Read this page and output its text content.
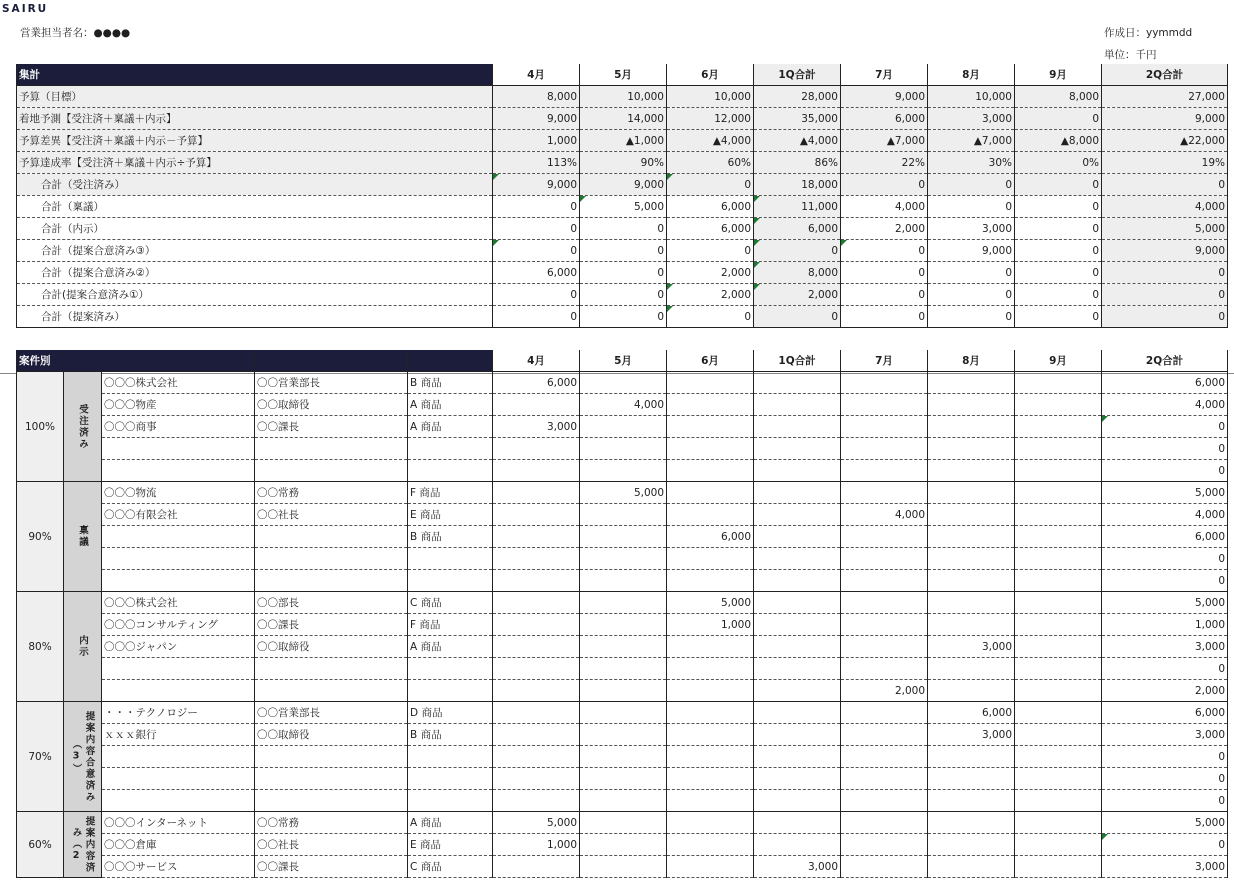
SAIRU
営業担当者名：●●●●	作成日：yymmdd
単位：千円
集計	4月	5月	6月	1Q合計	7月	8月	9月	2Q合計
予算（目標）	8,000	10,000	10,000	28,000	9,000	10,000	8,000	27,000
着地予測【受注済＋稟議＋内示】	9,000	14,000	12,000	35,000	6,000	3,000	0	9,000
予算差異【受注済＋稟議＋内示－予算】	1,000	▲1,000	▲4,000	▲4,000	▲7,000	▲7,000	▲8,000	▲22,000
予算達成率【受注済＋稟議＋内示÷予算】	113%	90%	60%	86%	22%	30%	0%	19%
合計（受注済み）	9,000	9,000	0	18,000	0	0	0	0
合計（稟議）	0	5,000	6,000	11,000	4,000	0	0	4,000
合計（内示）	0	0	6,000	6,000	2,000	3,000	0	5,000
合計（提案合意済み③）	0	0	0	0	0	9,000	0	9,000
合計（提案合意済み②）	6,000	0	2,000	8,000	0	0	0	0
合計(提案合意済み①）	0	0	2,000	2,000	0	0	0	0
合計（提案済み）	0	0	0	0	0	0	0	0
案件別					4月	5月	6月	1Q合計	7月	8月	9月	2Q合計
100%	受注済み	〇〇〇株式会社	〇〇営業部長	B 商品	6,000							6,000
		〇〇〇物産	〇〇取締役	A 商品		4,000						4,000
		〇〇〇商事	〇〇課長	A 商品	3,000							0
												0
												0
90%	稟議	〇〇〇物流	〇〇常務	F 商品		5,000						5,000
		〇〇〇有限会社	〇〇社長	E 商品					4,000			4,000
				B 商品			6,000					6,000
												0
												0
80%	内示	〇〇〇株式会社	〇〇部長	C 商品			5,000					5,000
		〇〇〇コンサルティング	〇〇課長	F 商品			1,000					1,000
		〇〇〇ジャパン	〇〇取締役	A 商品						3,000		3,000
												0
									2,000			2,000
70%	提案内容合意済み（3）	・・・テクノロジー	〇〇営業部長	D 商品						6,000		6,000
		ｘｘｘ銀行	〇〇取締役	B 商品						3,000		3,000
												0
												0
												0
60%	提案内容済み（2	〇〇〇インターネット	〇〇常務	A 商品	5,000							5,000
		〇〇〇倉庫	〇〇社長	E 商品	1,000							0
		〇〇〇サービス	〇〇課長	C 商品				3,000				3,000
